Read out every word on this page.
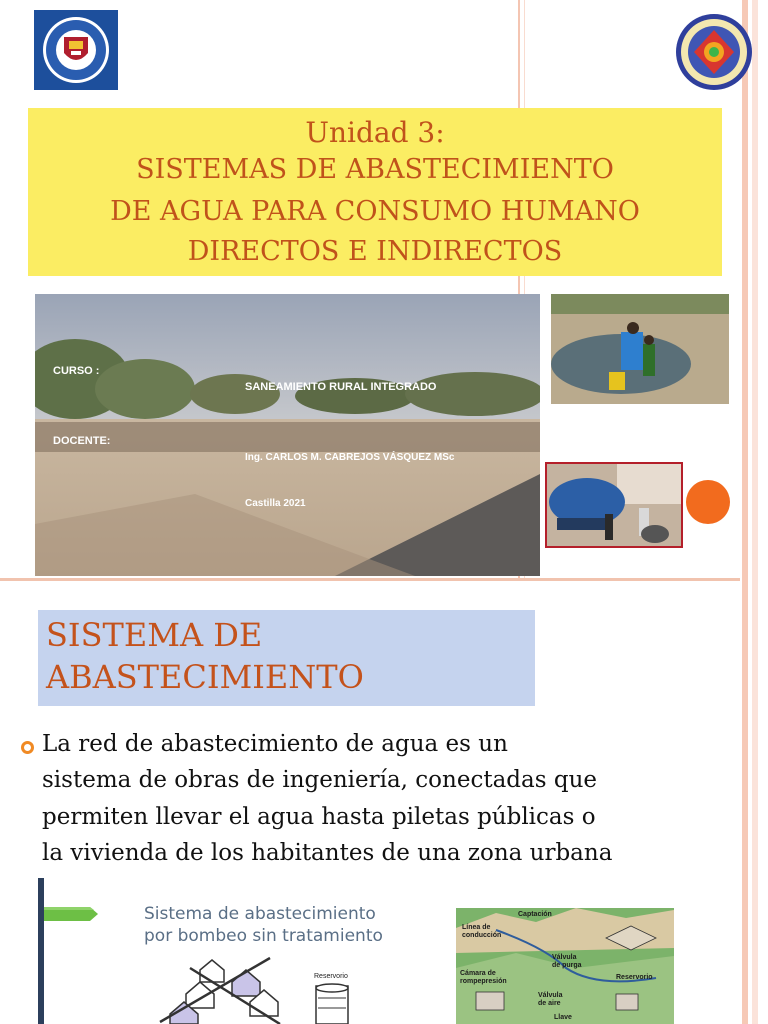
Unidad 3:
SISTEMAS DE ABASTECIMIENTO
DE AGUA PARA CONSUMO HUMANO
DIRECTOS E INDIRECTOS
CURSO :
SANEAMIENTO RURAL INTEGRADO
DOCENTE:
Ing. CARLOS M. CABREJOS VÁSQUEZ MSc
Castilla 2021
SISTEMA DE
ABASTECIMIENTO
La red de abastecimiento de agua es un
sistema de obras de ingeniería, conectadas que
permiten llevar el agua hasta piletas públicas o
la vivienda de los habitantes de una zona urbana
Sistema de abastecimiento
por bombeo sin tratamiento
Reservorio
Captación
Línea de
conducción
Válvula
de purga
Cámara de
rompepresión
Reservorio
Válvula
de aire
Llave
